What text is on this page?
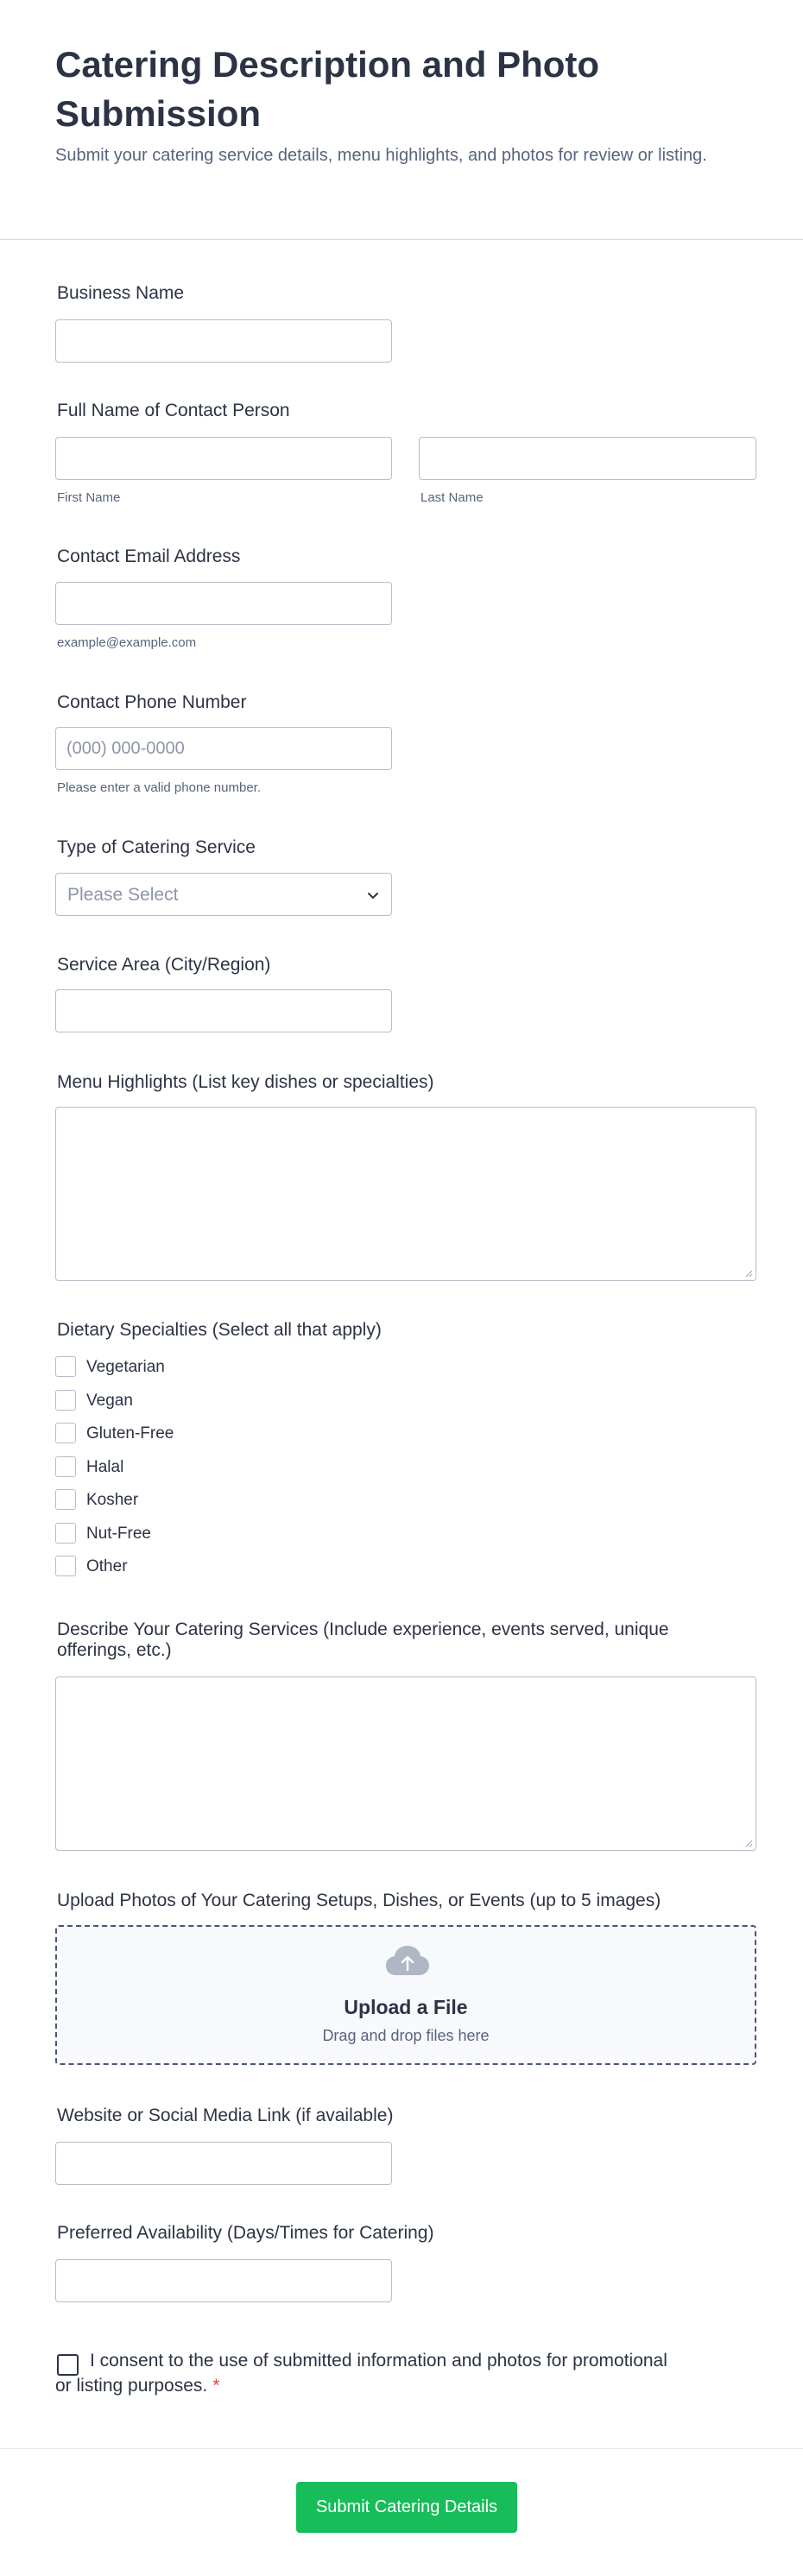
Catering Description and Photo Submission

Submit your catering service details, menu highlights, and photos for review or listing.

Business Name
Full Name of Contact Person
First Name	Last Name
Contact Email Address
example@example.com
Contact Phone Number
(000) 000-0000
Please enter a valid phone number.
Type of Catering Service
Please Select
Service Area (City/Region)
Menu Highlights (List key dishes or specialties)
Dietary Specialties (Select all that apply)
Vegetarian
Vegan
Gluten-Free
Halal
Kosher
Nut-Free
Other
Describe Your Catering Services (Include experience, events served, unique offerings, etc.)
Upload Photos of Your Catering Setups, Dishes, or Events (up to 5 images)
Upload a File
Drag and drop files here
Website or Social Media Link (if available)
Preferred Availability (Days/Times for Catering)

I consent to the use of submitted information and photos for promotional or listing purposes. *

Submit Catering Details
